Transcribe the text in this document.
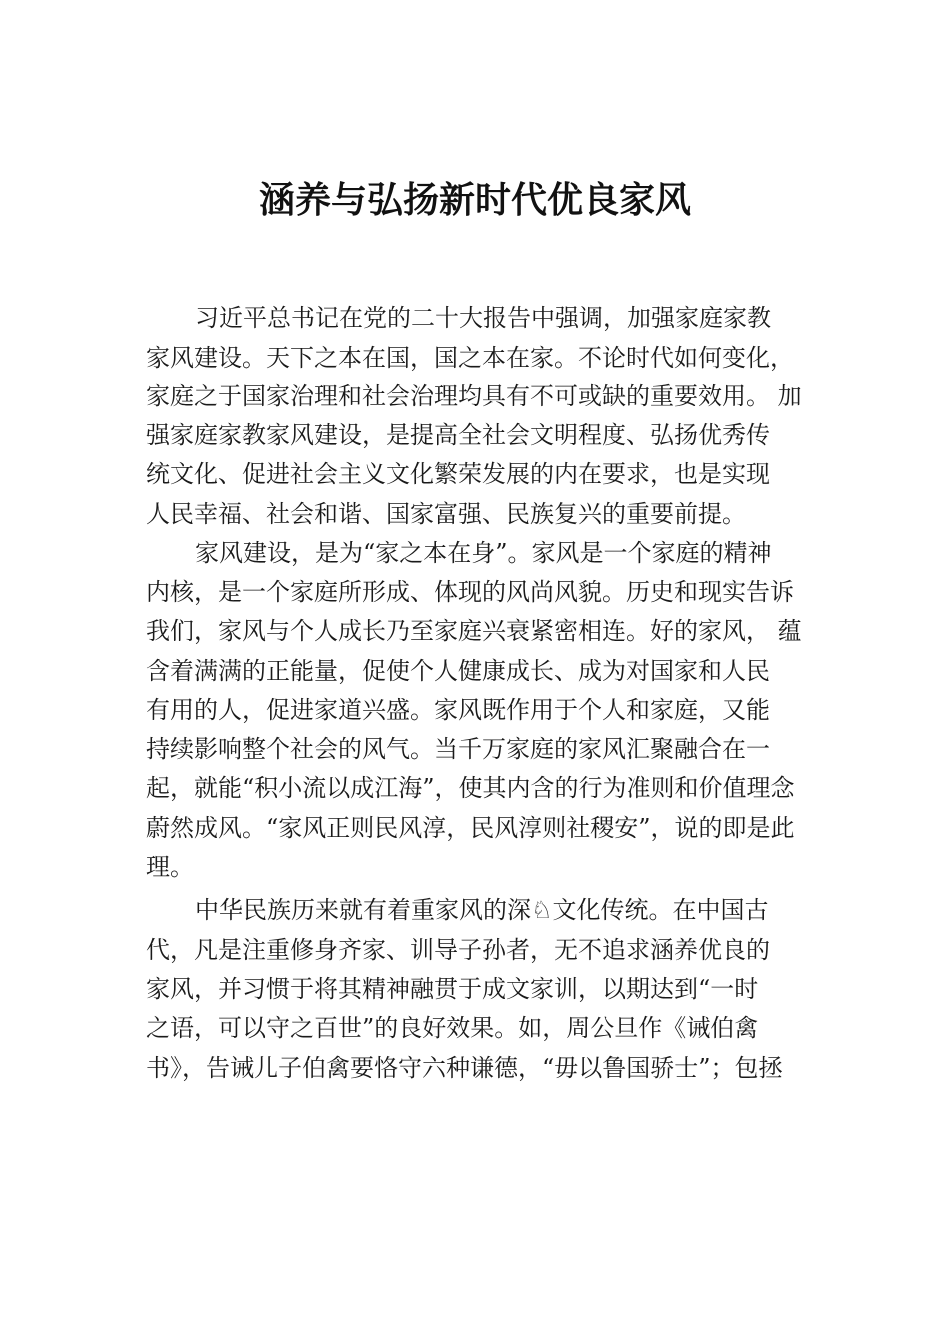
涵养与弘扬新时代优良家风
习近平总书记在党的二十大报告中强调，加强家庭家教
家风建设。天下之本在国，国之本在家。不论时代如何变化，
家庭之于国家治理和社会治理均具有不可或缺的重要效用。 加
强家庭家教家风建设，是提高全社会文明程度、弘扬优秀传
统文化、促进社会主义文化繁荣发展的内在要求，也是实现
人民幸福、社会和谐、国家富强、民族复兴的重要前提。
家风建设，是为“家之本在身”。家风是一个家庭的精神
内核，是一个家庭所形成、体现的风尚风貌。历史和现实告诉
我们，家风与个人成长乃至家庭兴衰紧密相连。好的家风， 蕴
含着满满的正能量，促使个人健康成长、成为对国家和人民
有用的人，促进家道兴盛。家风既作用于个人和家庭，又能
持续影响整个社会的风气。当千万家庭的家风汇聚融合在一
起，就能“积小流以成江海”，使其内含的行为准则和价值理念
蔚然成风。“家风正则民风淳，民风淳则社稷安”，说的即是此
理。
中华民族历来就有着重家风的深♘文化传统。在中国古
代，凡是注重修身齐家、训导子孙者，无不追求涵养优良的
家风，并习惯于将其精神融贯于成文家训，以期达到“一时
之语，可以守之百世”的良好效果。如，周公旦作《诫伯禽
书》，告诫儿子伯禽要恪守六种谦德，“毋以鲁国骄士”；包拯
